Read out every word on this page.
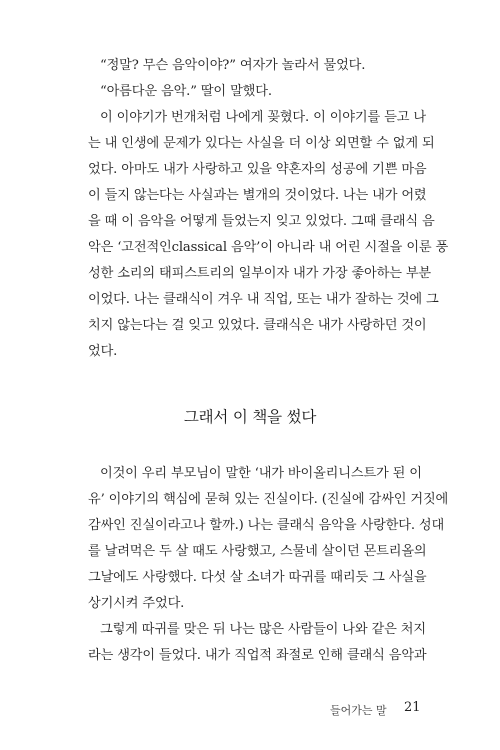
“정말? 무슨 음악이야?” 여자가 놀라서 물었다.
“아름다운 음악.” 딸이 말했다.
이 이야기가 번개처럼 나에게 꽂혔다. 이 이야기를 듣고 나
는 내 인생에 문제가 있다는 사실을 더 이상 외면할 수 없게 되
었다. 아마도 내가 사랑하고 있을 약혼자의 성공에 기쁜 마음
이 들지 않는다는 사실과는 별개의 것이었다. 나는 내가 어렸
을 때 이 음악을 어떻게 들었는지 잊고 있었다. 그때 클래식 음
악은 ‘고전적인classical 음악’이 아니라 내 어린 시절을 이룬 풍
성한 소리의 태피스트리의 일부이자 내가 가장 좋아하는 부분
이었다. 나는 클래식이 겨우 내 직업, 또는 내가 잘하는 것에 그
치지 않는다는 걸 잊고 있었다. 클래식은 내가 사랑하던 것이
었다.
그래서 이 책을 썼다
이것이 우리 부모님이 말한 ‘내가 바이올리니스트가 된 이
유’ 이야기의 핵심에 묻혀 있는 진실이다. (진실에 감싸인 거짓에
감싸인 진실이라고나 할까.) 나는 클래식 음악을 사랑한다. 성대
를 날려먹은 두 살 때도 사랑했고, 스물네 살이던 몬트리올의
그날에도 사랑했다. 다섯 살 소녀가 따귀를 때리듯 그 사실을
상기시켜 주었다.
그렇게 따귀를 맞은 뒤 나는 많은 사람들이 나와 같은 처지
라는 생각이 들었다. 내가 직업적 좌절로 인해 클래식 음악과
들어가는 말 21
